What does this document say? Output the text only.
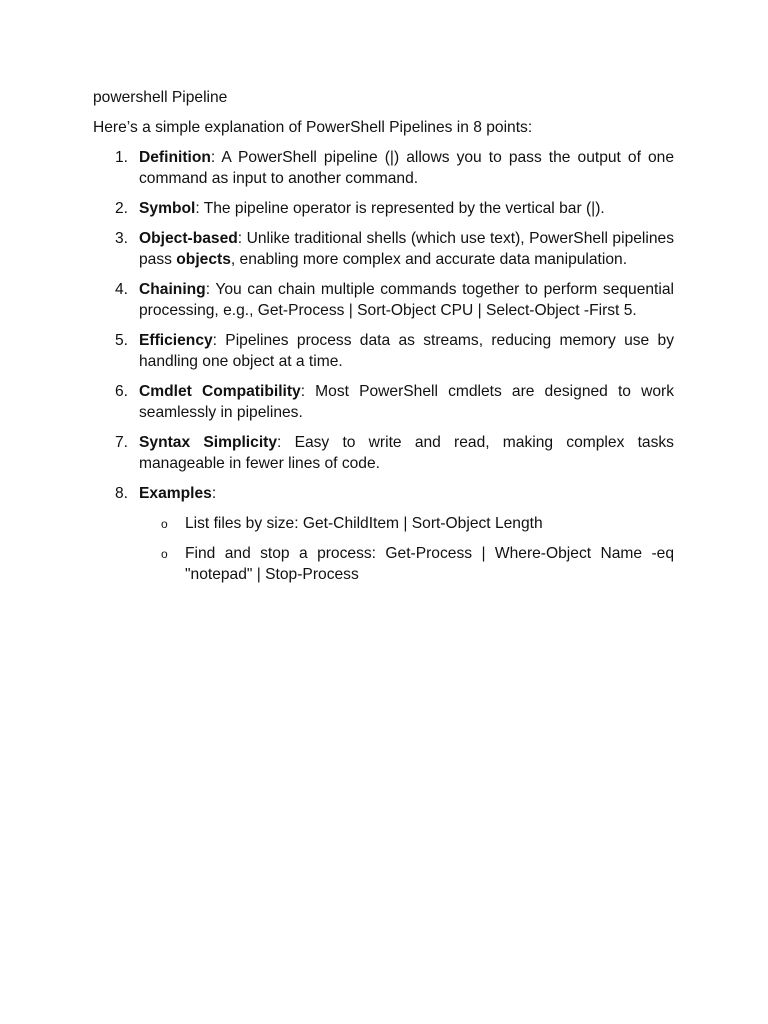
powershell Pipeline
Here’s a simple explanation of PowerShell Pipelines in 8 points:
1. Definition: A PowerShell pipeline (|) allows you to pass the output of one command as input to another command.
2. Symbol: The pipeline operator is represented by the vertical bar (|).
3. Object-based: Unlike traditional shells (which use text), PowerShell pipelines pass objects, enabling more complex and accurate data manipulation.
4. Chaining: You can chain multiple commands together to perform sequential processing, e.g., Get-Process | Sort-Object CPU | Select-Object -First 5.
5. Efficiency: Pipelines process data as streams, reducing memory use by handling one object at a time.
6. Cmdlet Compatibility: Most PowerShell cmdlets are designed to work seamlessly in pipelines.
7. Syntax Simplicity: Easy to write and read, making complex tasks manageable in fewer lines of code.
8. Examples:
o List files by size: Get-ChildItem | Sort-Object Length
o Find and stop a process: Get-Process | Where-Object Name -eq "notepad" | Stop-Process
